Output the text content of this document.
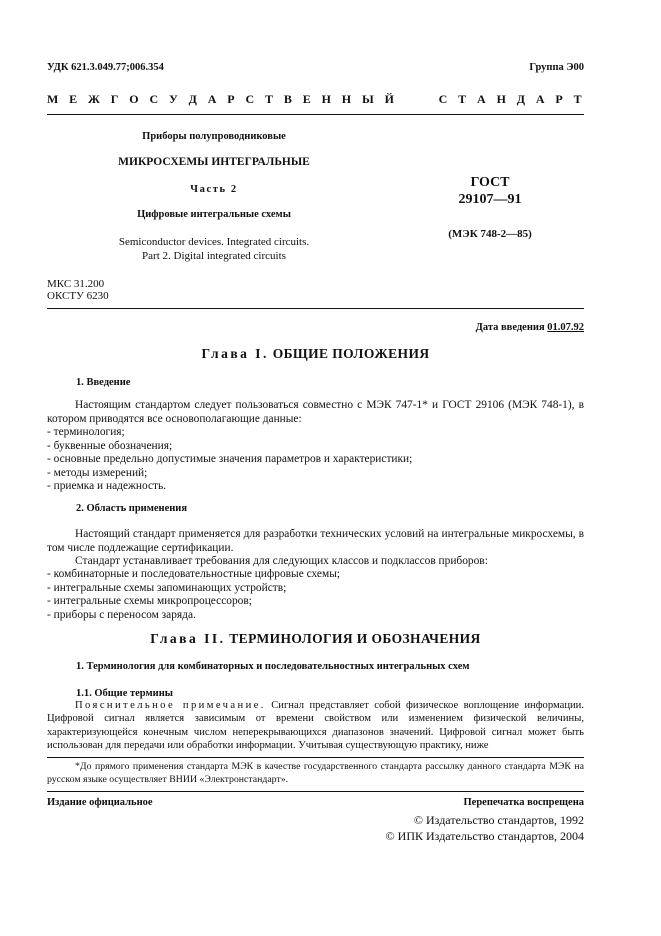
УДК 621.3.049.77;006.354	Группа Э00
М Е Ж Г О С У Д А Р С Т В Е Н Н Ы Й     С Т А Н Д А Р Т
Приборы полупроводниковые
МИКРОСХЕМЫ ИНТЕГРАЛЬНЫЕ
Часть 2
Цифровые интегральные схемы
Semiconductor devices. Integrated circuits.
Part 2. Digital integrated circuits
ГОСТ
29107—91
(МЭК 748-2—85)
МКС 31.200
ОКСТУ 6230
Дата введения 01.07.92
Глава I. ОБЩИЕ ПОЛОЖЕНИЯ
1. Введение
Настоящим стандартом следует пользоваться совместно с МЭК 747-1* и ГОСТ 29106 (МЭК 748-1), в котором приводятся все основополагающие данные:
- терминология;
- буквенные обозначения;
- основные предельно допустимые значения параметров и характеристики;
- методы измерений;
- приемка и надежность.
2. Область применения
Настоящий стандарт применяется для разработки технических условий на интегральные микросхемы, в том числе подлежащие сертификации.
Стандарт устанавливает требования для следующих классов и подклассов приборов:
- комбинаторные и последовательностные цифровые схемы;
- интегральные схемы запоминающих устройств;
- интегральные схемы микропроцессоров;
- приборы с переносом заряда.
Глава II. ТЕРМИНОЛОГИЯ И ОБОЗНАЧЕНИЯ
1. Терминология для комбинаторных и последовательностных интегральных схем
1.1. Общие термины
Пояснительное примечание. Сигнал представляет собой физическое воплощение информации. Цифровой сигнал является зависимым от времени свойством или изменением физической величины, характеризующейся конечным числом неперекрывающихся диапазонов значений. Цифровой сигнал может быть использован для передачи или обработки информации. Учитывая существующую практику, ниже
*До прямого применения стандарта МЭК в качестве государственного стандарта рассылку данного стандарта МЭК на русском языке осуществляет ВНИИ «Электронстандарт».
Издание официальное	Перепечатка воспрещена
© Издательство стандартов, 1992
© ИПК Издательство стандартов, 2004
